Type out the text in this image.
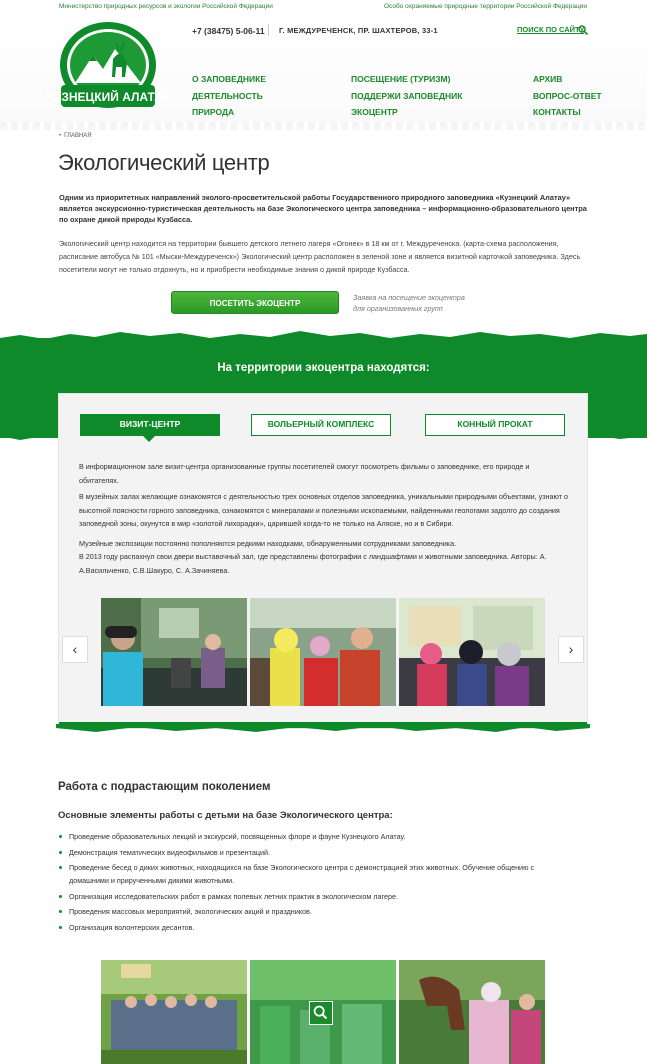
Министерство природных ресурсов и экологии Российской Федерации	Особо охраняемые природные территории Российской Федерации
КУЗНЕЦКИЙ АЛАТАУ
+7 (38475) 5-06-11 Г. МЕЖДУРЕЧЕНСК, ПР. ШАХТЕРОВ, 33-1	ПОИСК ПО САЙТУ
О ЗАПОВЕДНИКЕ
ДЕЯТЕЛЬНОСТЬ
ПРИРОДА
ПОСЕЩЕНИЕ (ТУРИЗМ)
ПОДДЕРЖИ ЗАПОВЕДНИК
ЭКОЦЕНТР
АРХИВ
ВОПРОС-ОТВЕТ
КОНТАКТЫ
• ГЛАВНАЯ
Экологический центр

Одним из приоритетных направлений эколого-просветительской работы Государственного природного заповедника «Кузнецкий Алатау» является экскурсионно-туристическая деятельность на базе Экологического центра заповедника – информационно-образовательного центра по охране дикой природы Кузбасса.

Экологический центр находится на территории бывшего детского летнего лагеря «Огонек» в 18 км от г. Междуреченска. (карта-схема расположения, расписание автобуса № 101 «Мыски-Междуреченск») Экологический центр расположен в зеленой зоне и является визитной карточкой заповедника. Здесь посетители могут не только отдохнуть, но и приобрести необходимые знания о дикой природе Кузбасса.

ПОСЕТИТЬ ЭКОЦЕНТР
Заявка на посещение экоцентра
для организованных групп
На территории экоцентра находятся:
ВИЗИТ-ЦЕНТР	ВОЛЬЕРНЫЙ КОМПЛЕКС	КОННЫЙ ПРОКАТ

В информационном зале визит-центра организованные группы посетителей смогут посмотреть фильмы о заповеднике, его природе и обитателях.

В музейных залах желающие ознакомятся с деятельностью трех основных отделов заповедника, уникальными природными объектами, узнают о высотной поясности горного заповедника, ознакомятся с минералами и полезными ископаемыми, найденными геологами задолго до создания заповедной зоны, окунутся в мир «золотой лихорадки», царившей когда-то не только на Аляске, но и в Сибири.

Музейные экспозиции постоянно пополняются редкими находками, обнаруженными сотрудниками заповедника.

В 2013 году распахнул свои двери выставочный зал, где представлены фотографии с ландшафтами и животными заповедника. Авторы: А. А.Васильченко, С.В.Шакуро, С. А.Зачиняева.

‹	›
Работа с подрастающим поколением
Основные элементы работы с детьми на базе Экологического центра:
Проведение образовательных лекций и экскурсий, посвященных флоре и фауне Кузнецкого Алатау.
Демонстрация тематических видеофильмов и презентаций.
Проведение бесед о диких животных, находящихся на базе Экологического центра с демонстрацией этих животных. Обучение общению с домашними и прирученными дикими животными.
Организация исследовательских работ в рамках полевых летних практик в экологическом лагере.
Проведения массовых мероприятий, экологических акций и праздников.
Организация волонтерских десантов.
